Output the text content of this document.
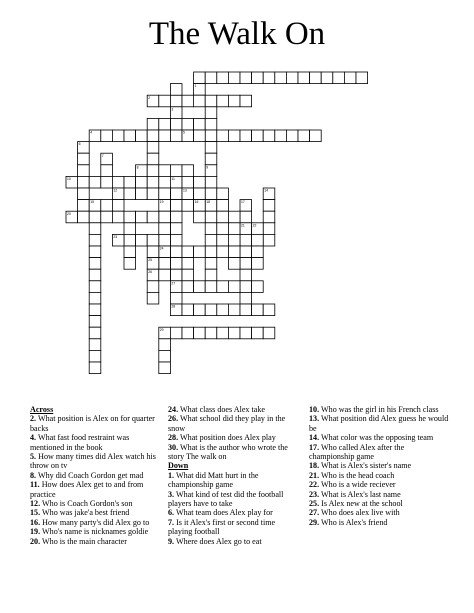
The Walk On
1
2
3
4	5
6
7
8	9
10	11
12	13	14
15	16	17
18
19
20
21 22
23
24
25
26
27
28
29
Across
2. What position is Alex on for quarter backs
4. What fast food restraint was mentioned in the book
5. How many times did Alex watch his throw on tv
8. Why did Coach Gordon get mad
11. How does Alex get to and from practice
12. Who is Coach Gordon's son
15. Who was jake'a best friend
16. How many party's did Alex go to
19. Who's name is nicknames goldie
20. Who is the main character
24. What class does Alex take
26. What school did they play in the snow
28. What position does Alex play
30. What is the author who wrote the story The walk on
Down
1. What did Matt hurt in the championship game
3. What kind of test did the football players have to take
6. What team does Alex play for
7. Is it Alex's first or second time playing football
9. Where does Alex go to eat
10. Who was the girl in his French class
13. What position did Alex guess he would be
14. What color was the opposing team
17. Who called Alex after the championship game
18. What is Alex's sister's name
21. Who is the head coach
22. Who is a wide reciever
23. What is Alex's last name
25. Is Alex new at the school
27. Who does alex live with
29. Who is Alex's friend
